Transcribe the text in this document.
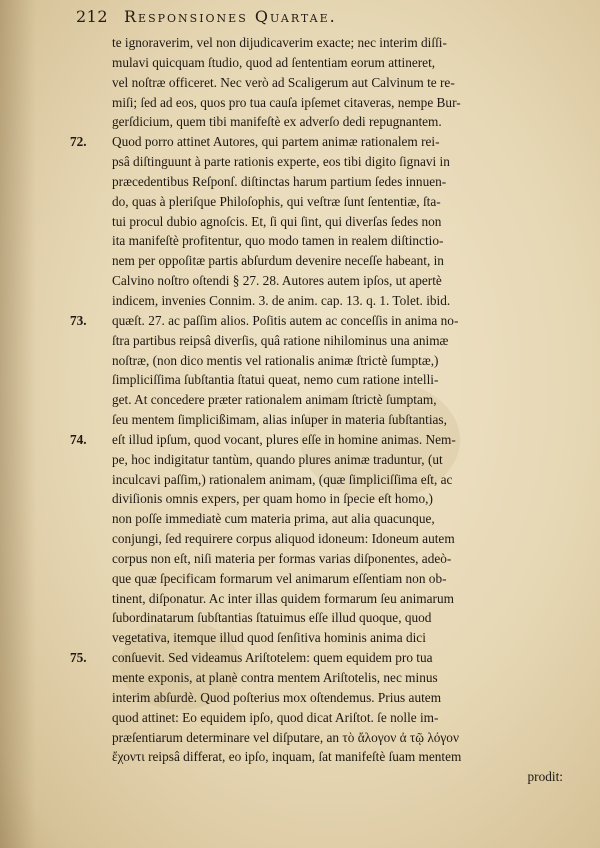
212 Responsiones Quartae.
te ignoraverim, vel non dijudicaverim exacte; nec interim diſſi-
mulavi quicquam ſtudio, quod ad ſententiam eorum attineret,
vel noſtræ officeret. Nec verò ad Scaligerum aut Calvinum te re-
miſi; ſed ad eos, quos pro tua cauſa ipſemet citaveras, nempe Bur-
gerſdicium, quem tibi manifeſtè ex adverſo dedi repugnantem.
72. Quod porro attinet Autores, qui partem animæ rationalem rei-
psâ diſtinguunt à parte rationis experte, eos tibi digito ſignavi in
præcedentibus Reſponſ. diſtinctas harum partium ſedes innuen-
do, quas à pleriſque Philoſophis, qui veſtræ ſunt ſententiæ, ſta-
tui procul dubio agnoſcis. Et, ſi qui ſint, qui diverſas ſedes non
ita manifeſtè profitentur, quo modo tamen in realem diſtinctio-
nem per oppoſitæ partis abſurdum devenire neceſſe habeant, in
Calvino noſtro oſtendi § 27. 28. Autores autem ipſos, ut apertè
indicem, invenies Connim. 3. de anim. cap. 13. q. 1. Tolet. ibid.
73. quæſt. 27. ac paſſim alios. Poſitis autem ac conceſſis in anima no-
ſtra partibus reipsâ diverſis, quâ ratione nihilominus una animæ
noſtræ, (non dico mentis vel rationalis animæ ſtrictè ſumptæ,)
ſimpliciſſima ſubſtantia ſtatui queat, nemo cum ratione intelli-
get. At concedere præter rationalem animam ſtrictè ſumptam,
ſeu mentem ſimplicißimam, alias inſuper in materia ſubſtantias,
74. eſt illud ipſum, quod vocant, plures eſſe in homine animas. Nem-
pe, hoc indigitatur tantùm, quando plures animæ traduntur, (ut
inculcavi paſſim,) rationalem animam, (quæ ſimpliciſſima eſt, ac
diviſionis omnis expers, per quam homo in ſpecie eſt homo,)
non poſſe immediatè cum materia prima, aut alia quacunque,
conjungi, ſed requirere corpus aliquod idoneum: Idoneum autem
corpus non eſt, niſi materia per formas varias diſponentes, adeò-
que quæ ſpecificam formarum vel animarum eſſentiam non ob-
tinent, diſponatur. Ac inter illas quidem formarum ſeu animarum
ſubordinatarum ſubſtantias ſtatuimus eſſe illud quoque, quod
vegetativa, itemque illud quod ſenſitiva hominis anima dici
75. conſuevit. Sed videamus Ariſtotelem: quem equidem pro tua
mente exponis, at planè contra mentem Ariſtotelis, nec minus
interim abſurdè. Quod poſterius mox oſtendemus. Prius autem
quod attinet: Eo equidem ipſo, quod dicat Ariſtot. ſe nolle im-
præſentiarum determinare vel diſputare, an τὸ ἄλογον ἀ τῷ λόγον
ἔχοντι reipsâ differat, eo ipſo, inquam, ſat manifeſtè ſuam mentem
prodit:
